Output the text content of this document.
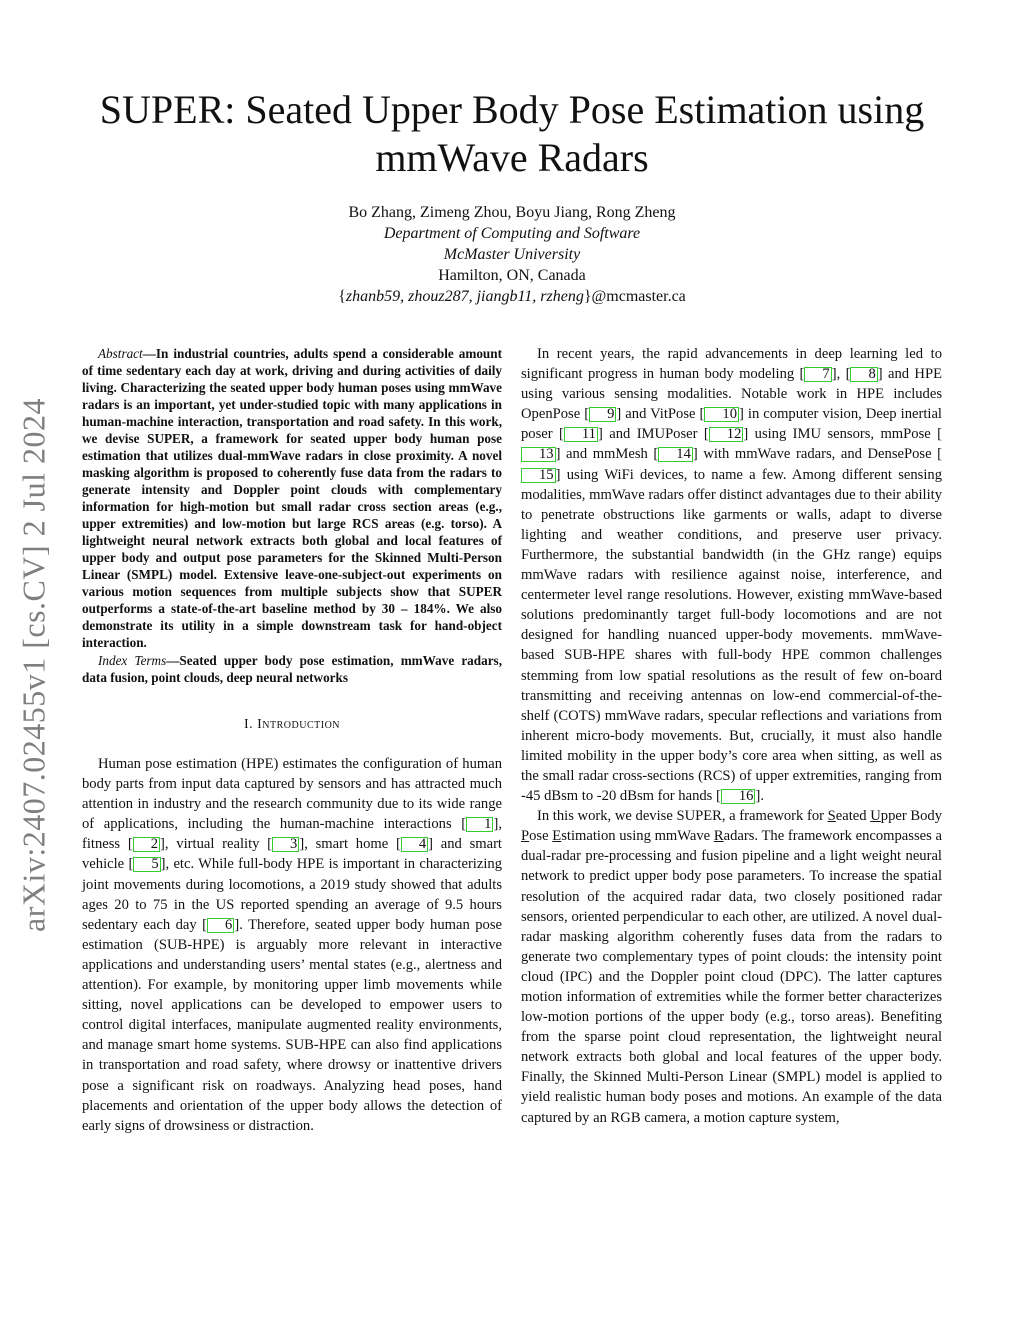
arXiv:2407.02455v1 [cs.CV] 2 Jul 2024
SUPER: Seated Upper Body Pose Estimation using
mmWave Radars
Bo Zhang, Zimeng Zhou, Boyu Jiang, Rong Zheng
Department of Computing and Software
McMaster University
Hamilton, ON, Canada
{zhanb59, zhouz287, jiangb11, rzheng}@mcmaster.ca

Abstract—In industrial countries, adults spend a considerable amount of time sedentary each day at work, driving and during activities of daily living. Characterizing the seated upper body human poses using mmWave radars is an important, yet under-studied topic with many applications in human-machine interaction, transportation and road safety. In this work, we devise SUPER, a framework for seated upper body human pose estimation that utilizes dual-mmWave radars in close proximity. A novel masking algorithm is proposed to coherently fuse data from the radars to generate intensity and Doppler point clouds with complementary information for high-motion but small radar cross section areas (e.g., upper extremities) and low-motion but large RCS areas (e.g. torso). A lightweight neural network extracts both global and local features of upper body and output pose parameters for the Skinned Multi-Person Linear (SMPL) model. Extensive leave-one-subject-out experiments on various motion sequences from multiple subjects show that SUPER outperforms a state-of-the-art baseline method by 30 – 184%. We also demonstrate its utility in a simple downstream task for hand-object interaction.

Index Terms—Seated upper body pose estimation, mmWave radars, data fusion, point clouds, deep neural networks

I. Introduction

Human pose estimation (HPE) estimates the configuration of human body parts from input data captured by sensors and has attracted much attention in industry and the research community due to its wide range of applications, including the human-machine interactions [ 1 ], fitness [ 2 ], virtual reality [ 3 ], smart home [ 4 ] and smart vehicle [ 5 ], etc. While full-body HPE is important in characterizing joint movements during locomotions, a 2019 study showed that adults ages 20 to 75 in the US reported spending an average of 9.5 hours sedentary each day [ 6 ]. Therefore, seated upper body human pose estimation (SUB-HPE) is arguably more relevant in interactive applications and understanding users’ mental states (e.g., alertness and attention). For example, by monitoring upper limb movements while sitting, novel applications can be developed to empower users to control digital interfaces, manipulate augmented reality environments, and manage smart home systems. SUB-HPE can also find applications in transportation and road safety, where drowsy or inattentive drivers pose a significant risk on roadways. Analyzing head poses, hand placements and orientation of the upper body allows the detection of early signs of drowsiness or distraction.

In recent years, the rapid advancements in deep learning led to significant progress in human body modeling [ 7 ], [ 8 ] and HPE using various sensing modalities. Notable work in HPE includes OpenPose [ 9 ] and VitPose [ 10 ] in computer vision, Deep inertial poser [ 11 ] and IMUPoser [ 12 ] using IMU sensors, mmPose [13 ] and mmMesh [ 14 ] with mmWave radars, and DensePose [15 ] using WiFi devices, to name a few. Among different sensing modalities, mmWave radars offer distinct advantages due to their ability to penetrate obstructions like garments or walls, adapt to diverse lighting and weather conditions, and preserve user privacy. Furthermore, the substantial bandwidth (in the GHz range) equips mmWave radars with resilience against noise, interference, and centermeter level range resolutions. However, existing mmWave-based solutions predominantly target full-body locomotions and are not designed for handling nuanced upper-body movements. mmWave-based SUB-HPE shares with full-body HPE common challenges stemming from low spatial resolutions as the result of few on-board transmitting and receiving antennas on low-end commercial-of-the-shelf (COTS) mmWave radars, specular reflections and variations from inherent micro-body movements. But, crucially, it must also handle limited mobility in the upper body’s core area when sitting, as well as the small radar cross-sections (RCS) of upper extremities, ranging from -45 dBsm to -20 dBsm for hands [ 16 ].

In this work, we devise SUPER, a framework for Seated Upper Body Pose Estimation using mmWave Radars. The framework encompasses a dual-radar pre-processing and fusion pipeline and a light weight neural network to predict upper body pose parameters. To increase the spatial resolution of the acquired radar data, two closely positioned radar sensors, oriented perpendicular to each other, are utilized. A novel dual-radar masking algorithm coherently fuses data from the radars to generate two complementary types of point clouds: the intensity point cloud (IPC) and the Doppler point cloud (DPC). The latter captures motion information of extremities while the former better characterizes low-motion portions of the upper body (e.g., torso areas). Benefiting from the sparse point cloud representation, the lightweight neural network extracts both global and local features of the upper body. Finally, the Skinned Multi-Person Linear (SMPL) model is applied to yield realistic human body poses and motions. An example of the data captured by an RGB camera, a motion capture system,
